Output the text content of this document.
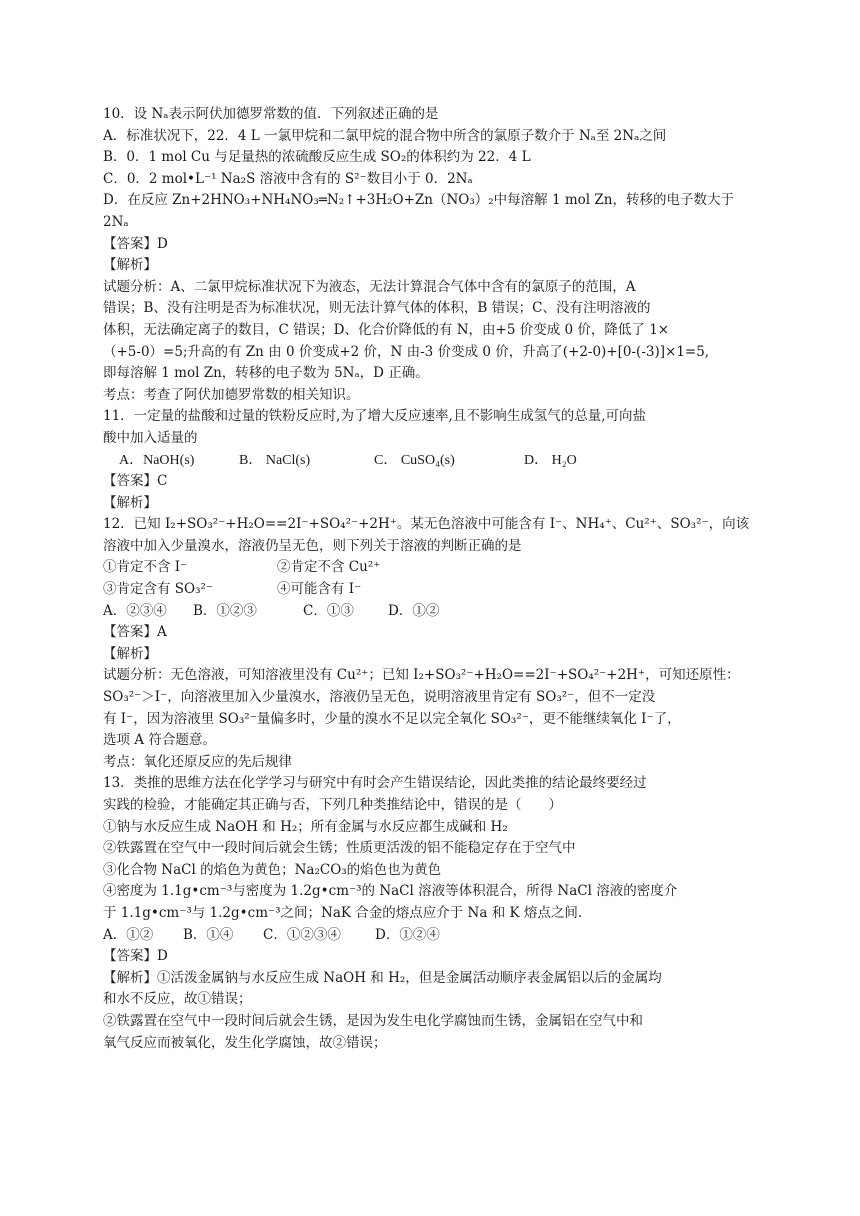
10．设 Nₐ表示阿伏加德罗常数的值．下列叙述正确的是
A．标准状况下，22．4 L 一氯甲烷和二氯甲烷的混合物中所含的氯原子数介于 Nₐ至 2Nₐ之间
B．0．1 mol Cu 与足量热的浓硫酸反应生成 SO₂的体积约为 22．4 L
C．0．2 mol•L⁻¹ Na₂S 溶液中含有的 S²⁻数目小于 0．2Nₐ
D．在反应 Zn+2HNO₃+NH₄NO₃═N₂↑+3H₂O+Zn（NO₃）₂中每溶解 1 mol Zn，转移的电子数大于
2Nₐ
【答案】D
【解析】
试题分析：A、二氯甲烷标准状况下为液态，无法计算混合气体中含有的氯原子的范围，A
错误；B、没有注明是否为标准状况，则无法计算气体的体积，B 错误；C、没有注明溶液的
体积，无法确定离子的数目，C 错误；D、化合价降低的有 N，由+5 价变成 0 价，降低了 1×
（+5-0）=5;升高的有 Zn 由 0 价变成+2 价，N 由-3 价变成 0 价，升高了(+2-0)+[0-(-3)]×1=5,
即每溶解 1 mol Zn，转移的电子数为 5Nₐ，D 正确。
考点：考查了阿伏加德罗常数的相关知识。
11．一定量的盐酸和过量的铁粉反应时,为了增大反应速率,且不影响生成氢气的总量,可向盐
酸中加入适量的
A．NaOH(s)	B． NaCl(s)	C． CuSO₄(s)	D． H₂O
【答案】C
【解析】
12．已知 I₂+SO₃²⁻+H₂O==2I⁻+SO₄²⁻+2H⁺。某无色溶液中可能含有 I⁻、NH₄⁺、Cu²⁺、SO₃²⁻，向该
溶液中加入少量溴水，溶液仍呈无色，则下列关于溶液的判断正确的是
①肯定不含 I⁻	②肯定不含 Cu²⁺
③肯定含有 SO₃²⁻	④可能含有 I⁻
A．②③④ B．①②③	C．①③	D．①②
【答案】A
【解析】
试题分析：无色溶液，可知溶液里没有 Cu²⁺；已知 I₂+SO₃²⁻+H₂O==2I⁻+SO₄²⁻+2H⁺，可知还原性：
SO₃²⁻＞I⁻，向溶液里加入少量溴水，溶液仍呈无色，说明溶液里肯定有 SO₃²⁻，但不一定没
有 I⁻，因为溶液里 SO₃²⁻量偏多时，少量的溴水不足以完全氧化 SO₃²⁻，更不能继续氧化 I⁻了，
选项 A 符合题意。
考点：氧化还原反应的先后规律
13．类推的思维方法在化学学习与研究中有时会产生错误结论，因此类推的结论最终要经过
实践的检验，才能确定其正确与否，下列几种类推结论中，错误的是（　　）
①钠与水反应生成 NaOH 和 H₂；所有金属与水反应都生成碱和 H₂
②铁露置在空气中一段时间后就会生锈；性质更活泼的铝不能稳定存在于空气中
③化合物 NaCl 的焰色为黄色；Na₂CO₃的焰色也为黄色
④密度为 1.1g•cm⁻³与密度为 1.2g•cm⁻³的 NaCl 溶液等体积混合，所得 NaCl 溶液的密度介
于 1.1g•cm⁻³与 1.2g•cm⁻³之间；NaK 合金的熔点应介于 Na 和 K 熔点之间.
A．①② B．①④ C．①②③④	D．①②④
【答案】D
【解析】①活泼金属钠与水反应生成 NaOH 和 H₂，但是金属活动顺序表金属铝以后的金属均
和水不反应，故①错误；
②铁露置在空气中一段时间后就会生锈，是因为发生电化学腐蚀而生锈，金属铝在空气中和
氧气反应而被氧化，发生化学腐蚀，故②错误；
